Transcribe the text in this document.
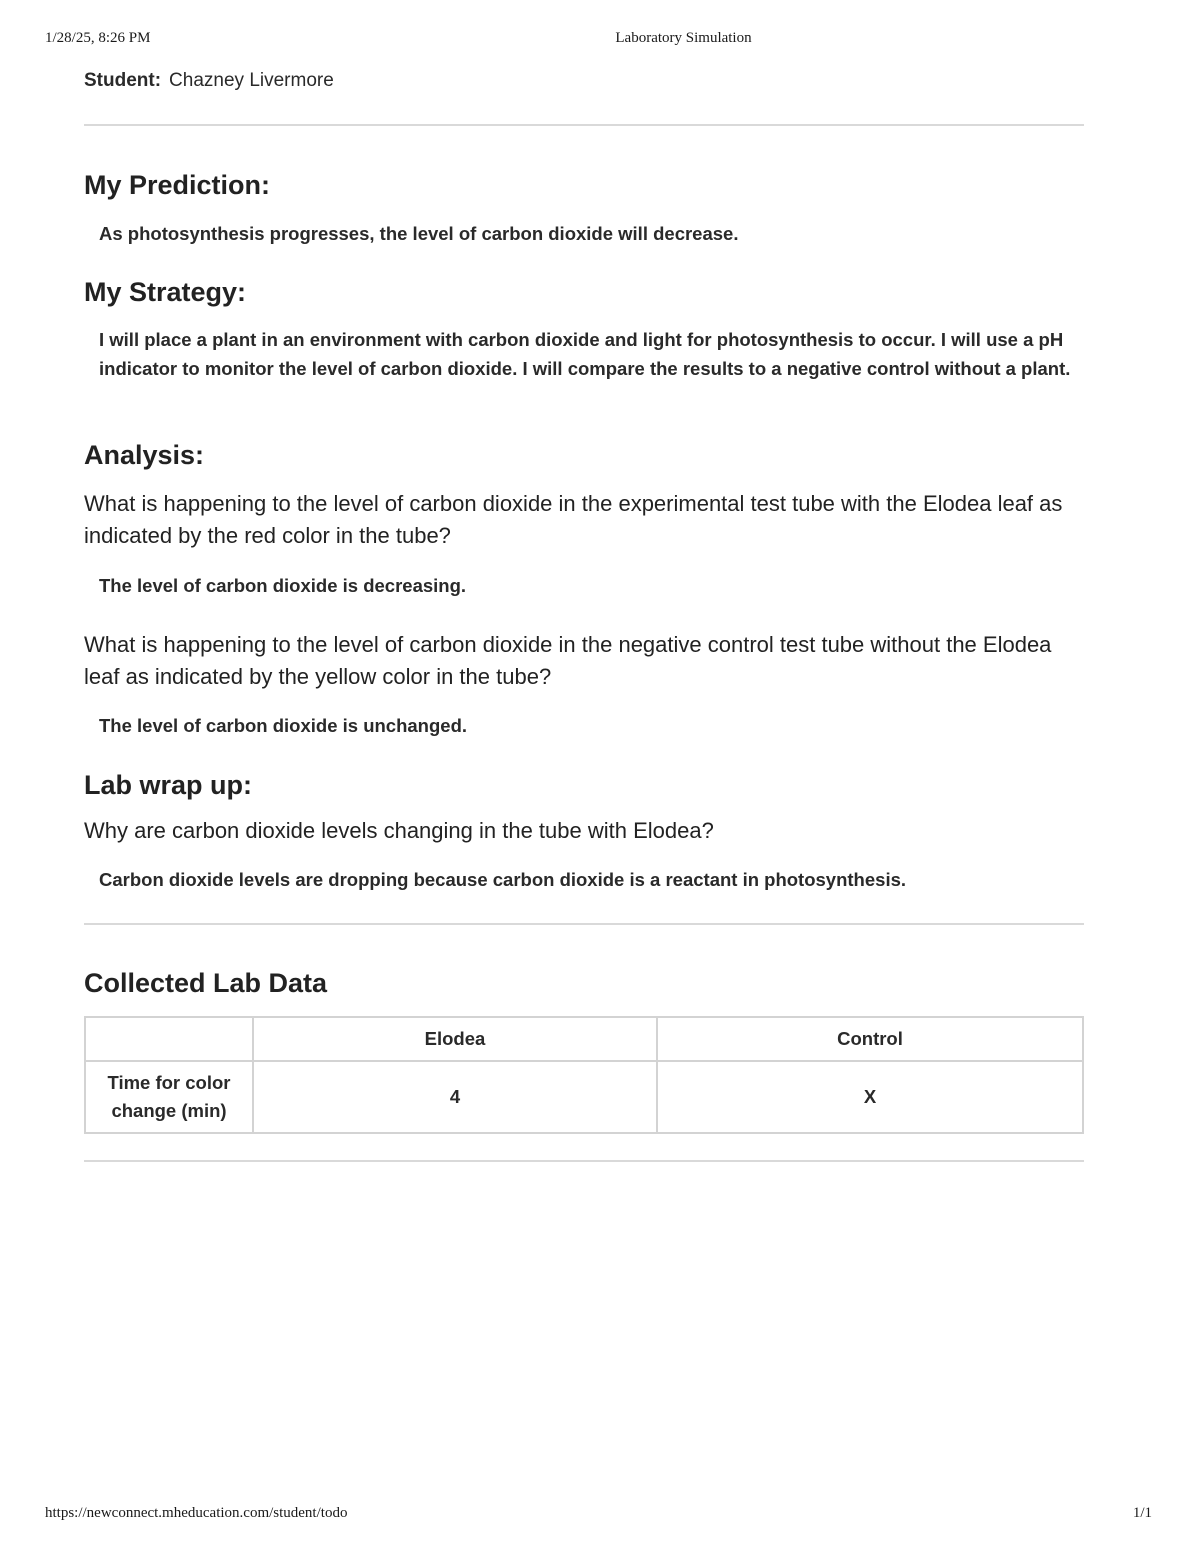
1/28/25, 8:26 PM	Laboratory Simulation
Student: Chazney Livermore
My Prediction:
As photosynthesis progresses, the level of carbon dioxide will decrease.
My Strategy:
I will place a plant in an environment with carbon dioxide and light for photosynthesis to occur. I will use a pH indicator to monitor the level of carbon dioxide. I will compare the results to a negative control without a plant.
Analysis:
What is happening to the level of carbon dioxide in the experimental test tube with the Elodea leaf as indicated by the red color in the tube?
The level of carbon dioxide is decreasing.
What is happening to the level of carbon dioxide in the negative control test tube without the Elodea leaf as indicated by the yellow color in the tube?
The level of carbon dioxide is unchanged.
Lab wrap up:
Why are carbon dioxide levels changing in the tube with Elodea?
Carbon dioxide levels are dropping because carbon dioxide is a reactant in photosynthesis.
Collected Lab Data
	Elodea	Control
Time for color change (min)	4	X
https://newconnect.mheducation.com/student/todo	1/1
